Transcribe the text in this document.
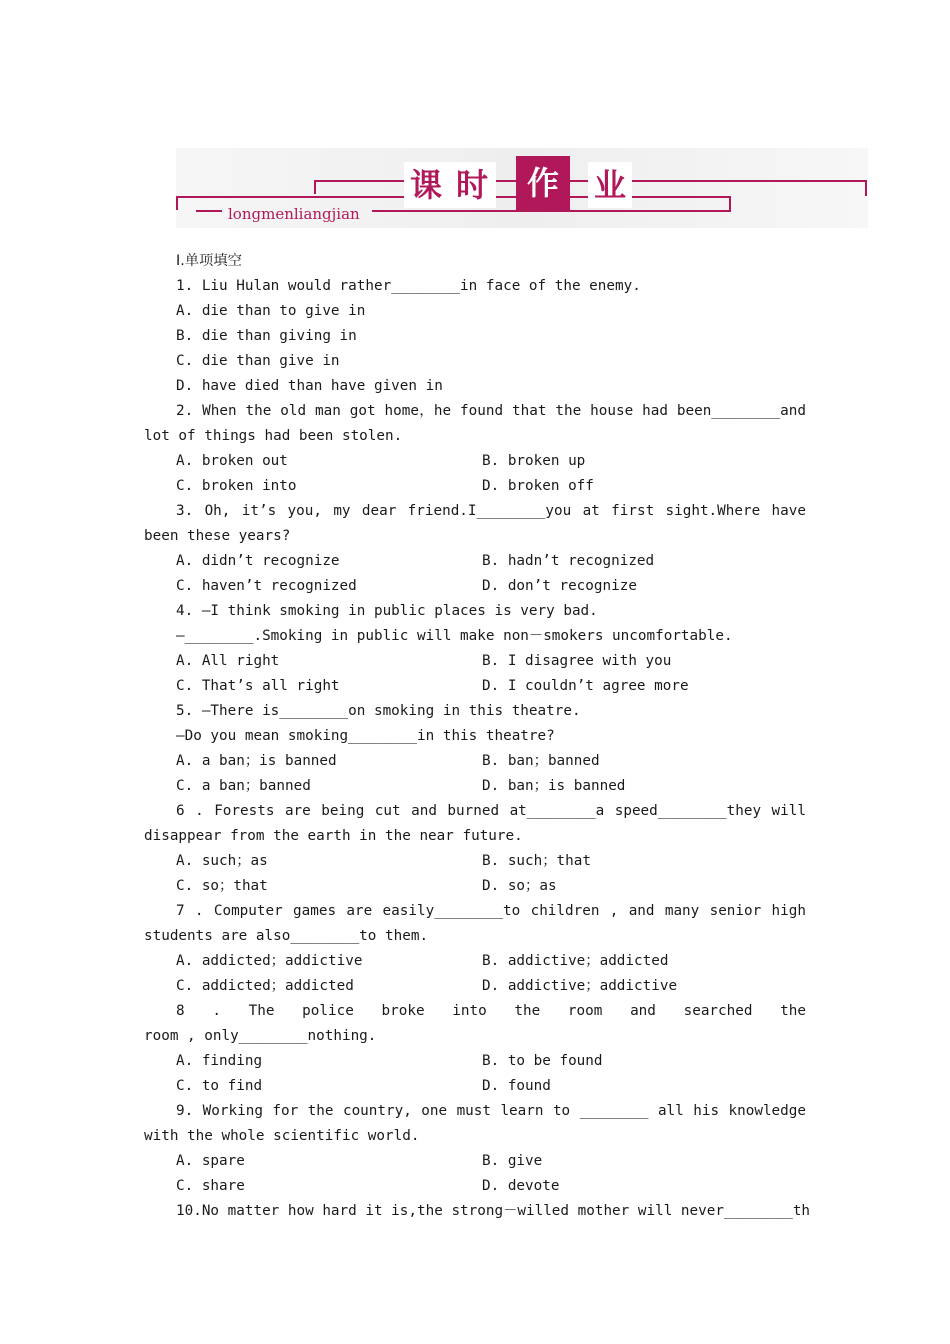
课 时	作	业
longmenliangjian
Ⅰ.单项填空
1. Liu Hulan would rather________in face of the enemy.
A. die than to give in
B. die than giving in
C. die than give in
D. have died than have given in
2. When the old man got home，he found that the house had been________and
lot of things had been stolen.
A. broken out	B. broken up
C. broken into	D. broken off
3. Oh, it’s you, my dear friend.I________you at first sight.Where have
been these years?
A. didn’t recognize	B. hadn’t recognized
C. haven’t recognized	D. don’t recognize
4. —I think smoking in public places is very bad.
—________.Smoking in public will make non－smokers uncomfortable.
A. All right	B. I disagree with you
C. That’s all right	D. I couldn’t agree more
5. —There is________on smoking in this theatre.
—Do you mean smoking________in this theatre?
A. a ban；is banned	B. ban；banned
C. a ban；banned	D. ban；is banned
6 . Forests are being cut and burned at________a speed________they will
disappear from the earth in the near future.
A. such；as	B. such；that
C. so；that	D. so；as
7 . Computer games are easily________to children , and many senior high
students are also________to them.
A. addicted；addictive	B. addictive；addicted
C. addicted；addicted	D. addictive；addictive
8 . The police broke into the room and searched the
room , only________nothing.
A. finding	B. to be found
C. to find	D. found
9. Working for the country, one must learn to ________ all his knowledge
with the whole scientific world.
A. spare	B. give
C. share	D. devote
10.No matter how hard it is,the strong－willed mother will never________th
